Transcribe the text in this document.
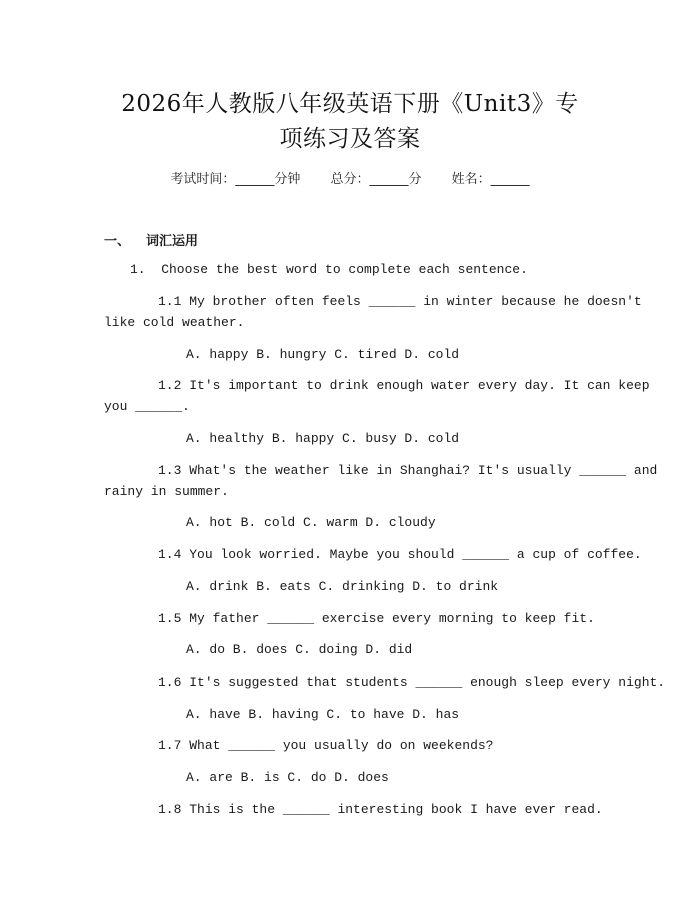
2026年人教版八年级英语下册《Unit3》专
项练习及答案
考试时间：______分钟 总分：______分 姓名：______
一、 词汇运用
1.  Choose the best word to complete each sentence.
1.1 My brother often feels ______ in winter because he doesn't
like cold weather.
A. happy B. hungry C. tired D. cold
1.2 It's important to drink enough water every day. It can keep
you ______.
A. healthy B. happy C. busy D. cold
1.3 What's the weather like in Shanghai? It's usually ______ and
rainy in summer.
A. hot B. cold C. warm D. cloudy
1.4 You look worried. Maybe you should ______ a cup of coffee.
A. drink B. eats C. drinking D. to drink
1.5 My father ______ exercise every morning to keep fit.
A. do B. does C. doing D. did
1.6 It's suggested that students ______ enough sleep every night.
A. have B. having C. to have D. has
1.7 What ______ you usually do on weekends?
A. are B. is C. do D. does
1.8 This is the ______ interesting book I have ever read.
